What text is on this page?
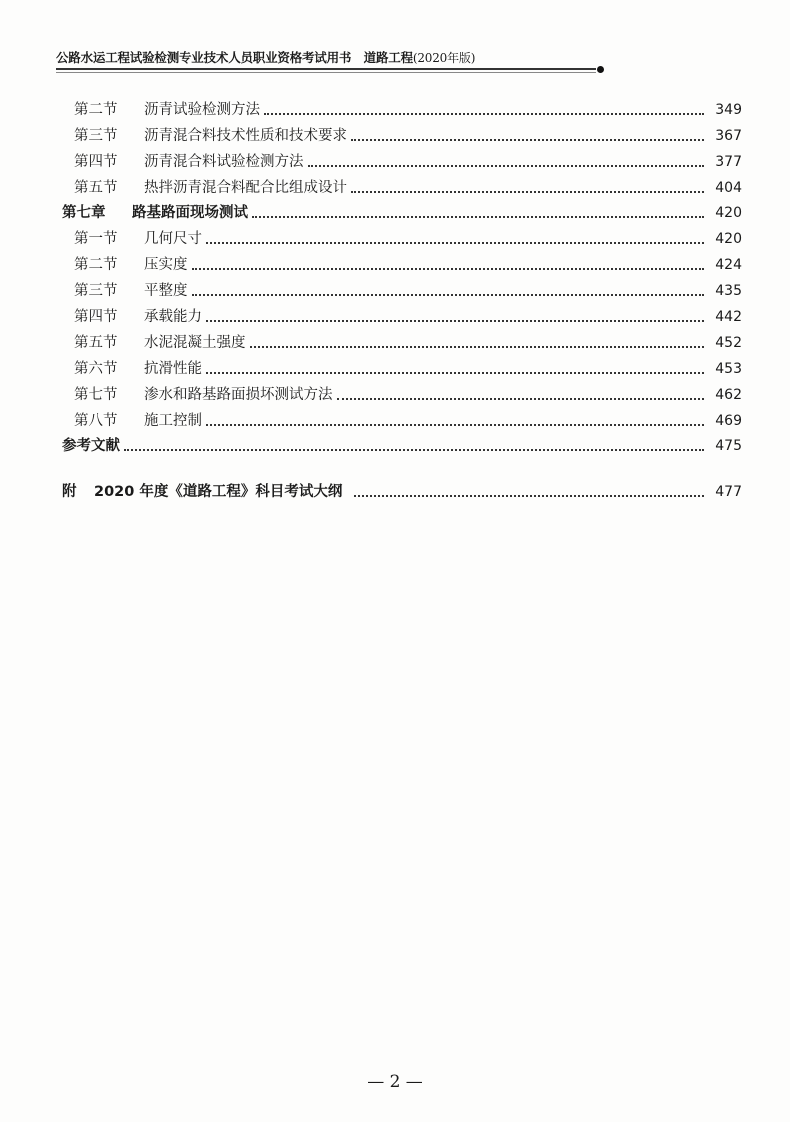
公路水运工程试验检测专业技术人员职业资格考试用书 道路工程(2020年版)
第二节	沥青试验检测方法	349
第三节	沥青混合料技术性质和技术要求	367
第四节	沥青混合料试验检测方法	377
第五节	热拌沥青混合料配合比组成设计	404
第七章	路基路面现场测试	420
第一节	几何尺寸	420
第二节	压实度	424
第三节	平整度	435
第四节	承载能力	442
第五节	水泥混凝土强度	452
第六节	抗滑性能	453
第七节	渗水和路基路面损坏测试方法	462
第八节	施工控制	469
参考文献	475
附	2020 年度《道路工程》科目考试大纲	477
— 2 —
